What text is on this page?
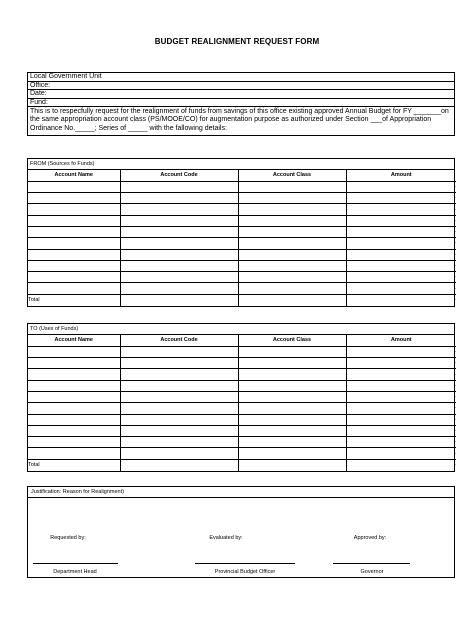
BUDGET REALIGNMENT REQUEST FORM
Local Government Unit
Office:
Date:
Fund:
This is to respecfully request for the realignment of funds from savings of this office existing approved Annual Budget for FY _______on the same appropriation account class (PS/MOOE/CO) for augmentation purpose as authorized under Section ___of Appropriation Ordinance No._____; Series of _____ with the fallowing details:
FROM (Sources fo Funds)
Account Name	Account Code	Account Class	Amount
			-
			-
			-
			-
			-
			-
			-
			-
			-
			-
Total			-
TO (Uses of Funds)
Account Name	Account Code	Account Class	Amount
			-
			-
			-
			-
			-
			-
			-
			-
			-
			-
Total			-
Justification: Reason for Realignment)
Requested by:	Evaluated by:	Approved by:
Department Head	Provincial Budget Officer	Governor
